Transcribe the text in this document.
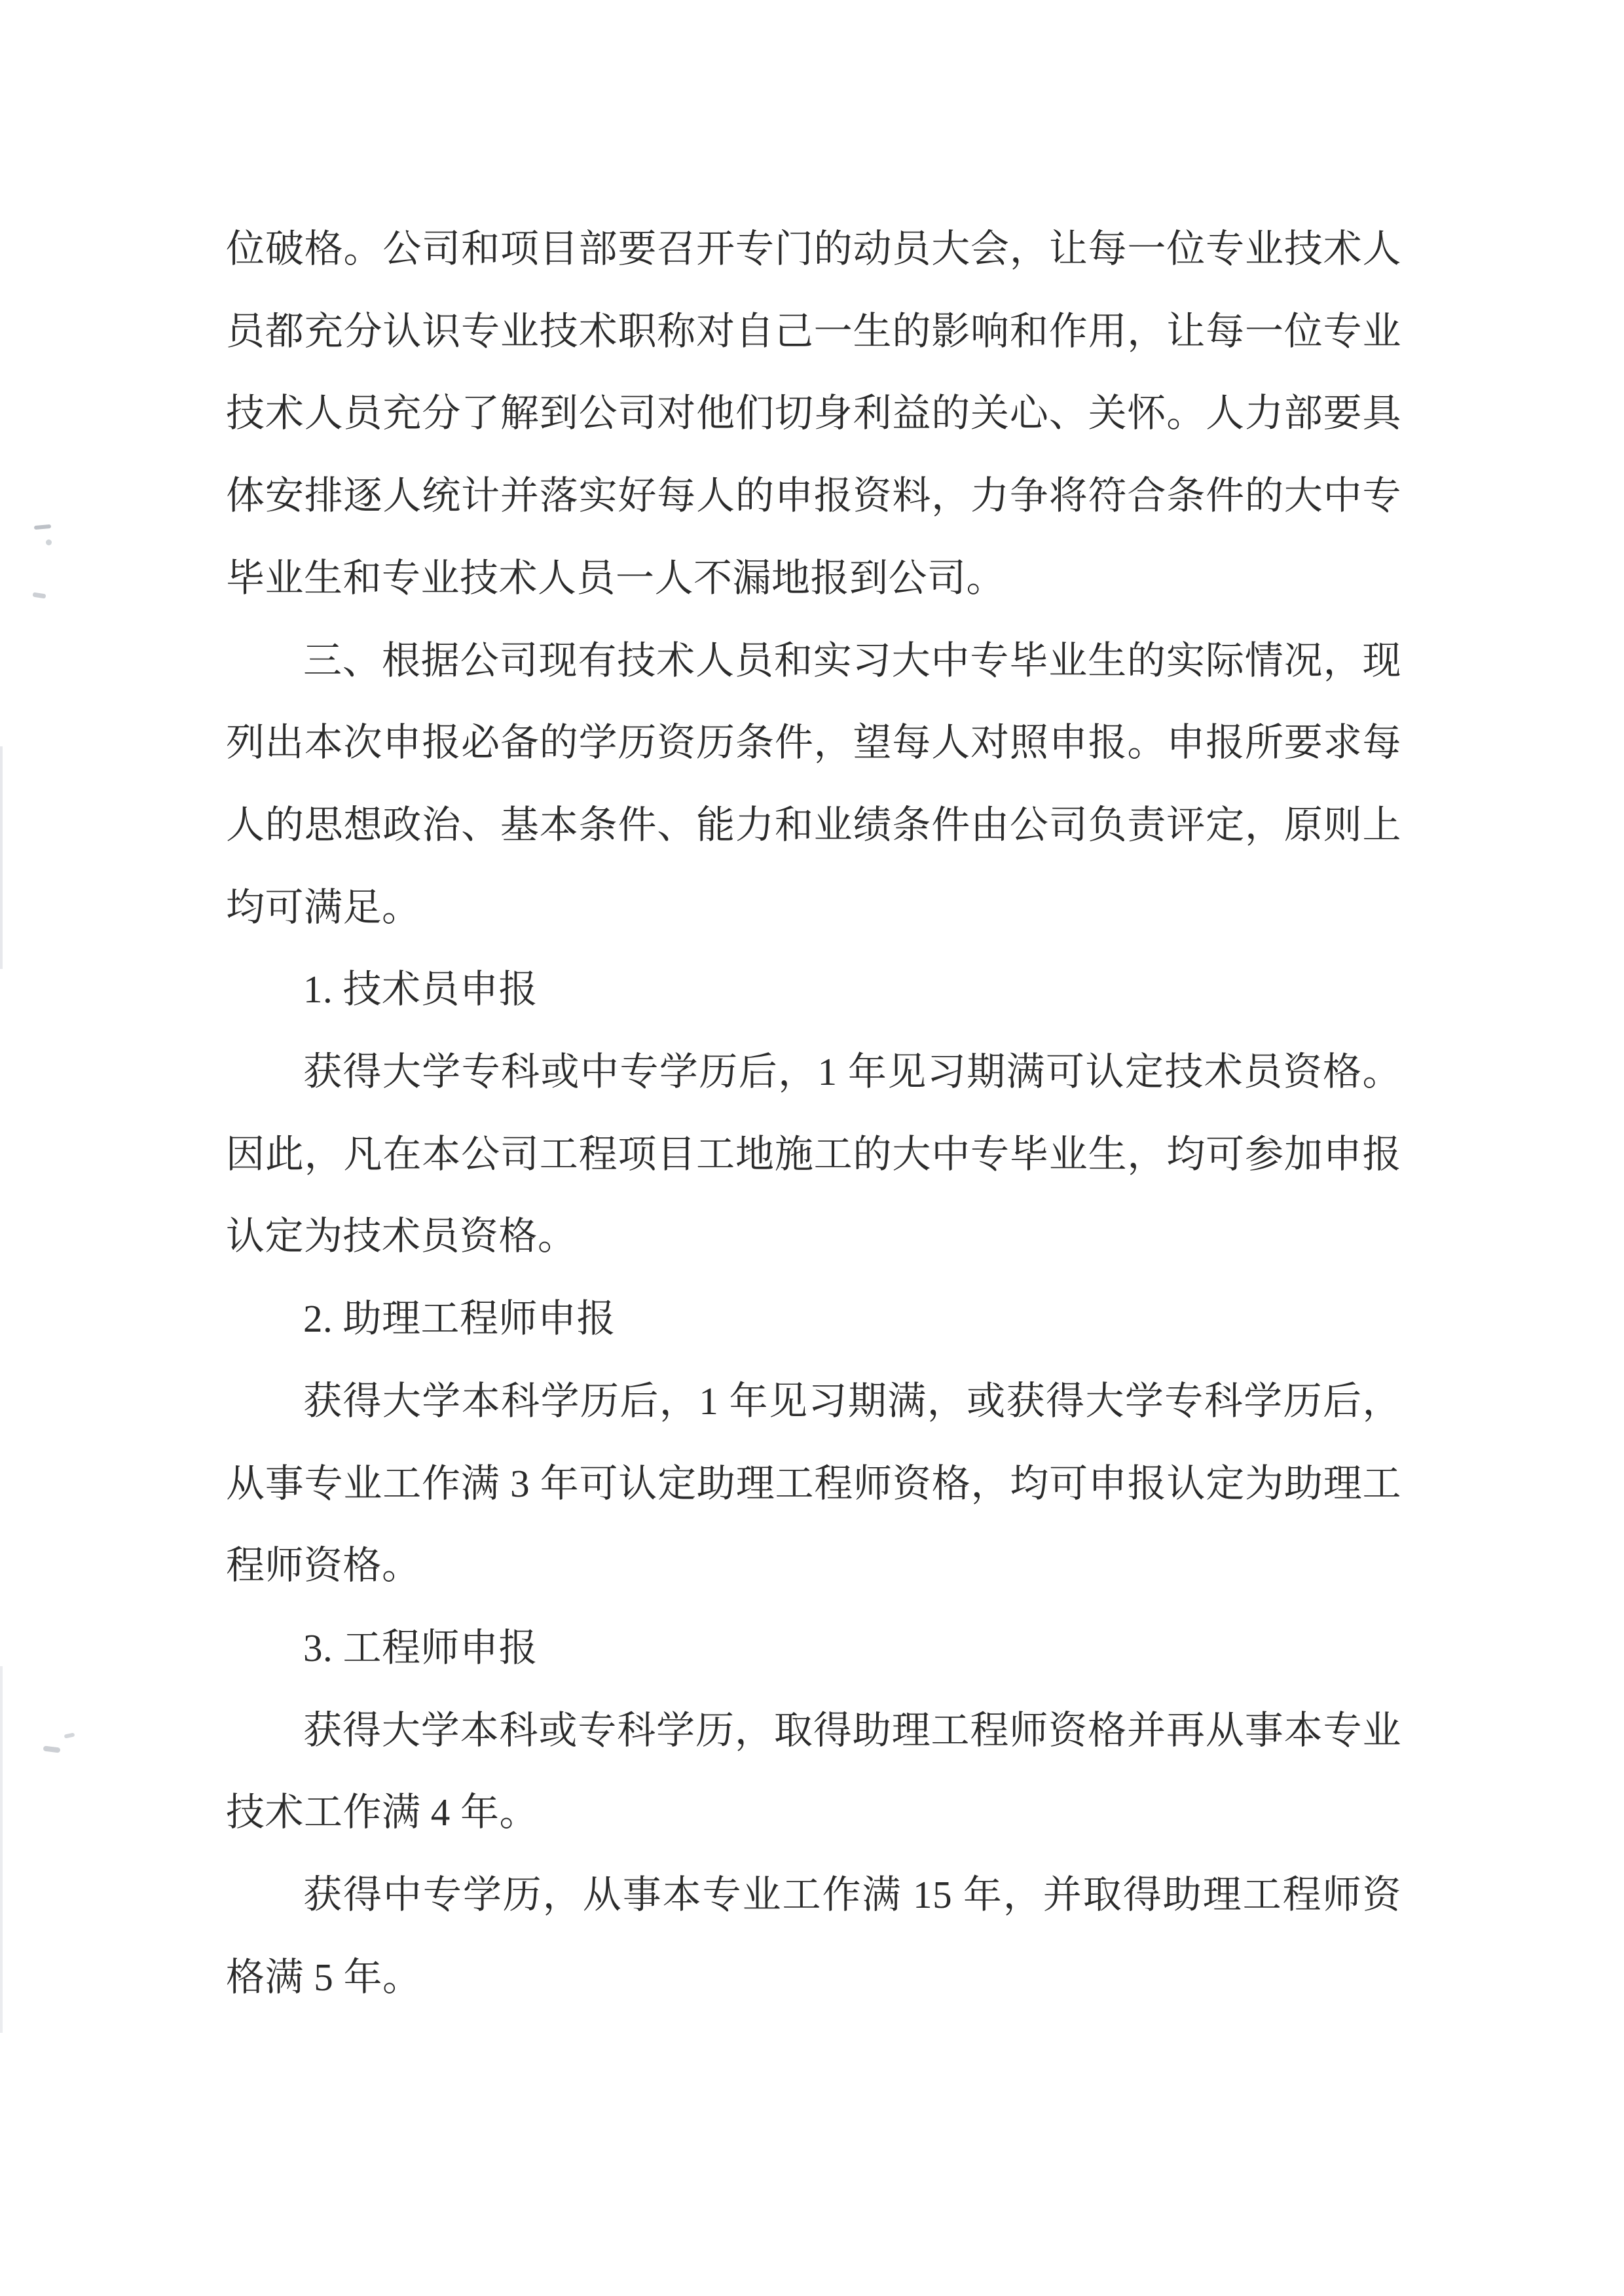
位破格。公司和项目部要召开专门的动员大会，让每一位专业技术人
员都充分认识专业技术职称对自己一生的影响和作用，让每一位专业
技术人员充分了解到公司对他们切身利益的关心、关怀。人力部要具
体安排逐人统计并落实好每人的申报资料，力争将符合条件的大中专
毕业生和专业技术人员一人不漏地报到公司。
三、根据公司现有技术人员和实习大中专毕业生的实际情况，现
列出本次申报必备的学历资历条件，望每人对照申报。申报所要求每
人的思想政治、基本条件、能力和业绩条件由公司负责评定，原则上
均可满足。
1. 技术员申报
获得大学专科或中专学历后，1 年见习期满可认定技术员资格。
因此，凡在本公司工程项目工地施工的大中专毕业生，均可参加申报
认定为技术员资格。
2. 助理工程师申报
获得大学本科学历后，1 年见习期满，或获得大学专科学历后，
从事专业工作满 3 年可认定助理工程师资格，均可申报认定为助理工
程师资格。
3. 工程师申报
获得大学本科或专科学历，取得助理工程师资格并再从事本专业
技术工作满 4 年。
获得中专学历，从事本专业工作满 15 年，并取得助理工程师资
格满 5 年。
